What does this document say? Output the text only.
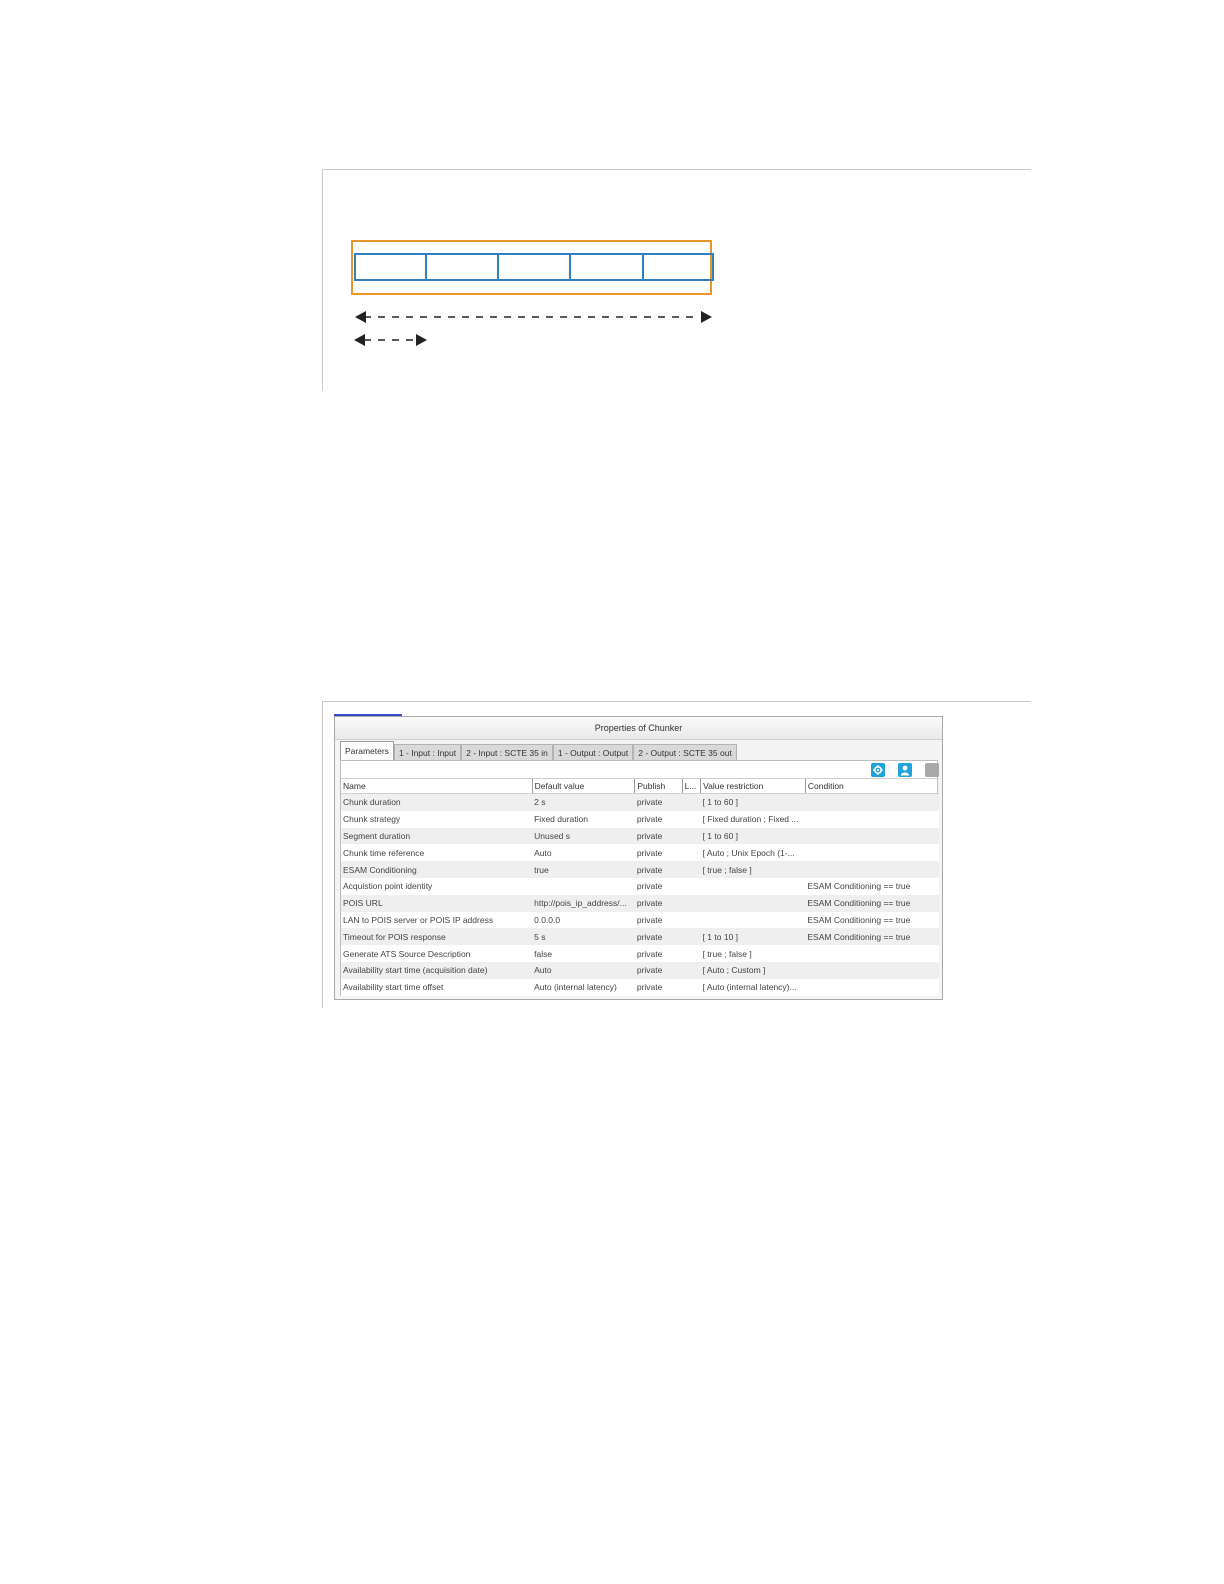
Properties of Chunker
Parameters	1 - Input : Input	2 - Input : SCTE 35 in	1 - Output : Output	2 - Output : SCTE 35 out
Name	Default value	Publish	L...	Value restriction	Condition
Chunk duration	2 s	private		[ 1 to 60 ]	
Chunk strategy	Fixed duration	private		[ Fixed duration ; Fixed ...	
Segment duration	Unused s	private		[ 1 to 60 ]	
Chunk time reference	Auto	private		[ Auto ; Unix Epoch (1-...	
ESAM Conditioning	true	private		[ true ; false ]	
Acquistion point identity		private			ESAM Conditioning == true
POIS URL	http://pois_ip_address/...	private			ESAM Conditioning == true
LAN to POIS server or POIS IP address	0.0.0.0	private			ESAM Conditioning == true
Timeout for POIS response	5 s	private		[ 1 to 10 ]	ESAM Conditioning == true
Generate ATS Source Description	false	private		[ true ; false ]	
Availability start time (acquisition date)	Auto	private		[ Auto ; Custom ]	
Availability start time offset	Auto (internal latency)	private		[ Auto (internal latency)...	
